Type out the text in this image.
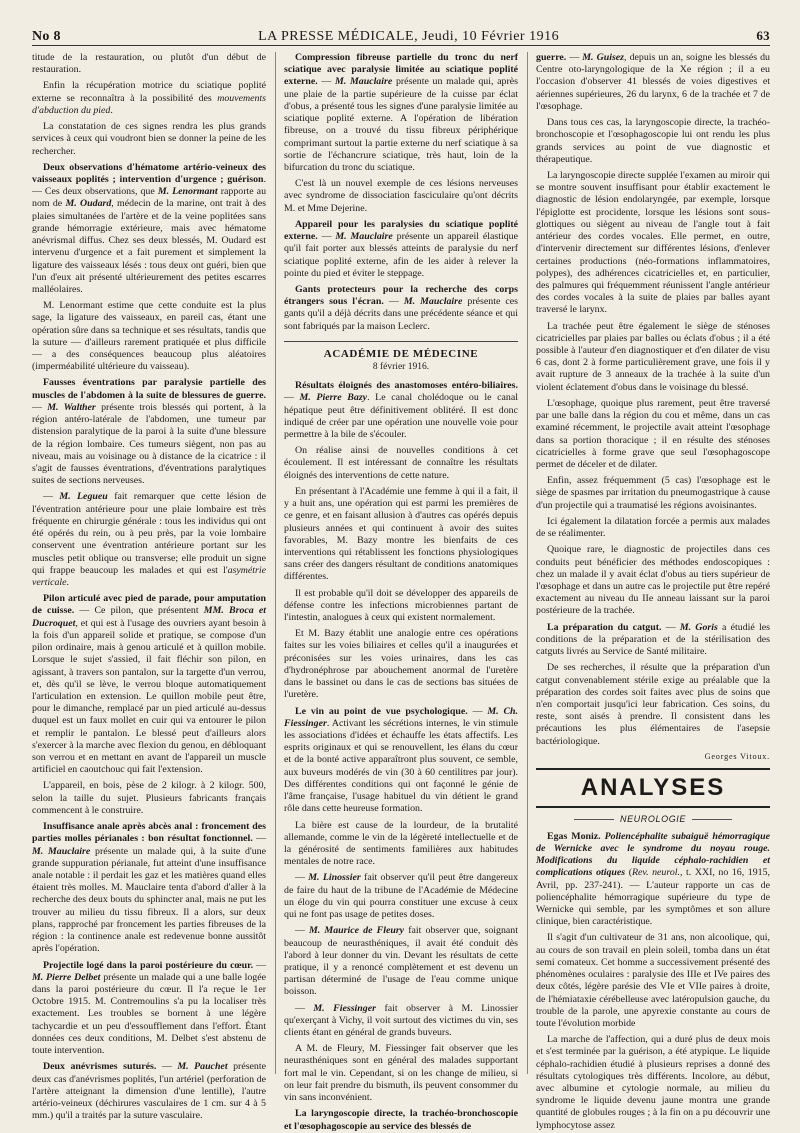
No 8	LA PRESSE MÉDICALE, Jeudi, 10 Février 1916	63

titude de la restauration, ou plutôt d'un début de restauration.

Enfin la récupération motrice du sciatique poplité externe se reconnaîtra à la possibilité des mouvements d'abduction du pied.

La constatation de ces signes rendra les plus grands services à ceux qui voudront bien se donner la peine de les rechercher.

Deux observations d'hématome artério-veineux des vaisseaux poplités ; intervention d'urgence ; guérison. — Ces deux observations, que M. Lenormant rapporte au nom de M. Oudard, médecin de la marine, ont trait à des plaies simultanées de l'artère et de la veine poplitées sans grande hémorragie extérieure, mais avec hématome anévrismal diffus. Chez ses deux blessés, M. Oudard est intervenu d'urgence et a fait purement et simplement la ligature des vaisseaux lésés : tous deux ont guéri, bien que l'un d'eux ait présenté ultérieurement des petites escarres malléolaires.

M. Lenormant estime que cette conduite est la plus sage, la ligature des vaisseaux, en pareil cas, étant une opération sûre dans sa technique et ses résultats, tandis que la suture — d'ailleurs rarement pratiquée et plus difficile — a des conséquences beaucoup plus aléatoires (imperméabilité ultérieure du vaisseau).

Fausses éventrations par paralysie partielle des muscles de l'abdomen à la suite de blessures de guerre. — M. Walther présente trois blessés qui portent, à la région antéro-latérale de l'abdomen, une tumeur par distension paralytique de la paroi à la suite d'une blessure de la région lombaire. Ces tumeurs siègent, non pas au niveau, mais au voisinage ou à distance de la cicatrice : il s'agit de fausses éventrations, d'éventrations paralytiques suites de sections nerveuses.

— M. Legueu fait remarquer que cette lésion de l'éventration antérieure pour une plaie lombaire est très fréquente en chirurgie générale : tous les individus qui ont été opérés du rein, ou à peu près, par la voie lombaire conservent une éventration antérieure portant sur les muscles petit oblique ou transverse; elle produit un signe qui frappe beaucoup les malades et qui est l'asymétrie verticale.

Pilon articulé avec pied de parade, pour amputation de cuisse. — Ce pilon, que présentent MM. Broca et Ducroquet, et qui est à l'usage des ouvriers ayant besoin à la fois d'un appareil solide et pratique, se compose d'un pilon ordinaire, mais à genou articulé et à quillon mobile. Lorsque le sujet s'assied, il fait fléchir son pilon, en agissant, à travers son pantalon, sur la targette d'un verrou, et, dès qu'il se lève, le verrou bloque automatiquement l'articulation en extension. Le quillon mobile peut être, pour le dimanche, remplacé par un pied articulé au-dessus duquel est un faux mollet en cuir qui va entourer le pilon et remplir le pantalon. Le blessé peut d'ailleurs alors s'exercer à la marche avec flexion du genou, en débloquant son verrou et en mettant en avant de l'appareil un muscle artificiel en caoutchouc qui fait l'extension.

L'appareil, en bois, pèse de 2 kilogr. à 2 kilogr. 500, selon la taille du sujet. Plusieurs fabricants français commencent à le construire.

Insuffisance anale après abcès anal : froncement des parties molles périanales : bon résultat fonctionnel. — M. Mauclaire présente un malade qui, à la suite d'une grande suppuration périanale, fut atteint d'une insuffisance anale notable : il perdait les gaz et les matières quand elles étaient très molles. M. Mauclaire tenta d'abord d'aller à la recherche des deux bouts du sphincter anal, mais ne put les trouver au milieu du tissu fibreux. Il a alors, sur deux plans, rapproché par froncement les parties fibreuses de la région : la continence anale est redevenue bonne aussitôt après l'opération.

Projectile logé dans la paroi postérieure du cœur. — M. Pierre Delbet présente un malade qui a une balle logée dans la paroi postérieure du cœur. Il l'a reçue le 1er Octobre 1915. M. Contremoulins s'a pu la localiser très exactement. Les troubles se bornent à une légère tachycardie et un peu d'essoufflement dans l'effort. Étant données ces deux conditions, M. Delbet s'est abstenu de toute intervention.

Deux anévrismes suturés. — M. Pauchet présente deux cas d'anévrismes poplités, l'un artériel (perforation de l'artère atteignant la dimension d'une lentille), l'autre artério-veineux (déchirures vasculaires de 1 cm. sur 4 à 5 mm.) qu'il a traités par la suture vasculaire.

Compression fibreuse partielle du tronc du nerf sciatique avec paralysie limitée au sciatique poplité externe. — M. Mauclaire présente un malade qui, après une plaie de la partie supérieure de la cuisse par éclat d'obus, a présenté tous les signes d'une paralysie limitée au sciatique poplité externe. A l'opération de libération fibreuse, on a trouvé du tissu fibreux périphérique comprimant surtout la partie externe du nerf sciatique à sa sortie de l'échancrure sciatique, très haut, loin de la bifurcation du tronc du sciatique.

C'est là un nouvel exemple de ces lésions nerveuses avec syndrome de dissociation fasciculaire qu'ont décrits M. et Mme Dejerine.

Appareil pour les paralysies du sciatique poplité externe. — M. Mauclaire présente un appareil élastique qu'il fait porter aux blessés atteints de paralysie du nerf sciatique poplité externe, afin de les aider à relever la pointe du pied et éviter le steppage.

Gants protecteurs pour la recherche des corps étrangers sous l'écran. — M. Mauclaire présente ces gants qu'il a déjà décrits dans une précédente séance et qui sont fabriqués par la maison Leclerc.

ACADÉMIE DE MÉDECINE
8 février 1916.

Résultats éloignés des anastomoses entéro-biliaires. — M. Pierre Bazy. Le canal cholédoque ou le canal hépatique peut être définitivement oblitéré. Il est donc indiqué de créer par une opération une nouvelle voie pour permettre à la bile de s'écouler.

On réalise ainsi de nouvelles conditions à cet écoulement. Il est intéressant de connaître les résultats éloignés des interventions de cette nature.

En présentant à l'Académie une femme à qui il a fait, il y a huit ans, une opération qui est parmi les premières de ce genre, et en faisant allusion à d'autres cas opérés depuis plusieurs années et qui continuent à avoir des suites favorables, M. Bazy montre les bienfaits de ces interventions qui rétablissent les fonctions physiologiques sans créer des dangers résultant de conditions anatomiques différentes.

Il est probable qu'il doit se développer des appareils de défense contre les infections microbiennes partant de l'intestin, analogues à ceux qui existent normalement.

Et M. Bazy établit une analogie entre ces opérations faites sur les voies biliaires et celles qu'il a inaugurées et préconisées sur les voies urinaires, dans les cas d'hydronéphrose par abouchement anormal de l'uretère dans le bassinet ou dans le cas de sections bas situées de l'uretère.

Le vin au point de vue psychologique. — M. Ch. Fiessinger. Activant les sécrétions internes, le vin stimule les associations d'idées et échauffe les états affectifs. Les esprits originaux et qui se renouvellent, les élans du cœur et de la bonté active apparaîtront plus souvent, ce semble, aux buveurs modérés de vin (30 à 60 centilitres par jour). Des différentes conditions qui ont façonné le génie de l'âme française, l'usage habituel du vin détient le grand rôle dans cette heureuse formation.

La bière est cause de la lourdeur, de la brutalité allemande, comme le vin de la légèreté intellectuelle et de la générosité de sentiments familières aux habitudes mentales de notre race.

— M. Linossier fait observer qu'il peut être dangereux de faire du haut de la tribune de l'Académie de Médecine un éloge du vin qui pourra constituer une excuse à ceux qui ne font pas usage de petites doses.

— M. Maurice de Fleury fait observer que, soignant beaucoup de neurasthéniques, il avait été conduit dès l'abord à leur donner du vin. Devant les résultats de cette pratique, il y a renoncé complètement et est devenu un partisan déterminé de l'usage de l'eau comme unique boisson.

— M. Fiessinger fait observer à M. Linossier qu'exerçant à Vichy, il voit surtout des victimes du vin, ses clients étant en général de grands buveurs.

A M. de Fleury, M. Fiessinger fait observer que les neurasthéniques sont en général des malades supportant fort mal le vin. Cependant, si on les change de milieu, si on leur fait prendre du bismuth, ils peuvent consommer du vin sans inconvénient.

La laryngoscopie directe, la trachéo-bronchoscopie et l'œsophagoscopie au service des blessés de

guerre. — M. Guisez, depuis un an, soigne les blessés du Centre oto-laryngologique de la Xe région ; il a eu l'occasion d'observer 41 blessés de voies digestives et aériennes supérieures, 26 du larynx, 6 de la trachée et 7 de l'œsophage.

Dans tous ces cas, la laryngoscopie directe, la trachéo-bronchoscopie et l'œsophagoscopie lui ont rendu les plus grands services au point de vue diagnostic et thérapeutique.

La laryngoscopie directe supplée l'examen au miroir qui se montre souvent insuffisant pour établir exactement le diagnostic de lésion endolaryngée, par exemple, lorsque l'épiglotte est procidente, lorsque les lésions sont sous-glottiques ou siègent au niveau de l'angle tout à fait antérieur des cordes vocales. Elle permet, en outre, d'intervenir directement sur différentes lésions, d'enlever certaines productions (néo-formations inflammatoires, polypes), des adhérences cicatricielles et, en particulier, des palmures qui fréquemment réunissent l'angle antérieur des cordes vocales à la suite de plaies par balles ayant traversé le larynx.

La trachée peut être également le siège de sténoses cicatricielles par plaies par balles ou éclats d'obus ; il a été possible à l'auteur d'en diagnostiquer et d'en dilater de visu 6 cas, dont 2 à forme particulièrement grave, une fois il y avait rupture de 3 anneaux de la trachée à la suite d'un violent éclatement d'obus dans le voisinage du blessé.

L'œsophage, quoique plus rarement, peut être traversé par une balle dans la région du cou et même, dans un cas examiné récemment, le projectile avait atteint l'œsophage dans sa portion thoracique ; il en résulte des sténoses cicatricielles à forme grave que seul l'œsophagoscope permet de déceler et de dilater.

Enfin, assez fréquemment (5 cas) l'œsophage est le siège de spasmes par irritation du pneumogastrique à cause d'un projectile qui a traumatisé les régions avoisinantes.

Ici également la dilatation forcée a permis aux malades de se réalimenter.

Quoique rare, le diagnostic de projectiles dans ces conduits peut bénéficier des méthodes endoscopiques : chez un malade il y avait éclat d'obus au tiers supérieur de l'œsophage et dans un autre cas le projectile put être repéré exactement au niveau du IIe anneau laissant sur la paroi postérieure de la trachée.

La préparation du catgut. — M. Goris a étudié les conditions de la préparation et de la stérilisation des catguts livrés au Service de Santé militaire.

De ses recherches, il résulte que la préparation d'un catgut convenablement stérile exige au préalable que la préparation des cordes soit faites avec plus de soins que n'en comportait jusqu'ici leur fabrication. Ces soins, du reste, sont aisés à prendre. Il consistent dans les précautions les plus élémentaires de l'asepsie bactériologique.

Georges Vitoux.
ANALYSES
NEUROLOGIE

Egas Moniz. Poliencéphalite subaiguë hémorragique de Wernicke avec le syndrome du noyau rouge. Modifications du liquide céphalo-rachidien et complications otiques (Rev. neurol., t. XXI, no 16, 1915, Avril, pp. 237-241). — L'auteur rapporte un cas de poliencéphalite hémorragique supérieure du type de Wernicke qui semble, par les symptômes et son allure clinique, bien caractéristique.

Il s'agit d'un cultivateur de 31 ans, non alcoolique, qui, au cours de son travail en plein soleil, tomba dans un état semi comateux. Cet homme a successivement présenté des phénomènes oculaires : paralysie des IIIe et IVe paires des deux côtés, légère parésie des VIe et VIIe paires à droite, de l'hémiataxie cérébelleuse avec latéropulsion gauche, du trouble de la parole, une apyrexie constante au cours de toute l'évolution morbide

La marche de l'affection, qui a duré plus de deux mois et s'est terminée par la guérison, a été atypique. Le liquide céphalo-rachidien étudié à plusieurs reprises a donné des résultats cytologiques très différents. Incolore, au début, avec albumine et cytologie normale, au milieu du syndrome le liquide devenu jaune montra une grande quantité de globules rouges ; à la fin on a pu découvrir une lymphocytose assez
